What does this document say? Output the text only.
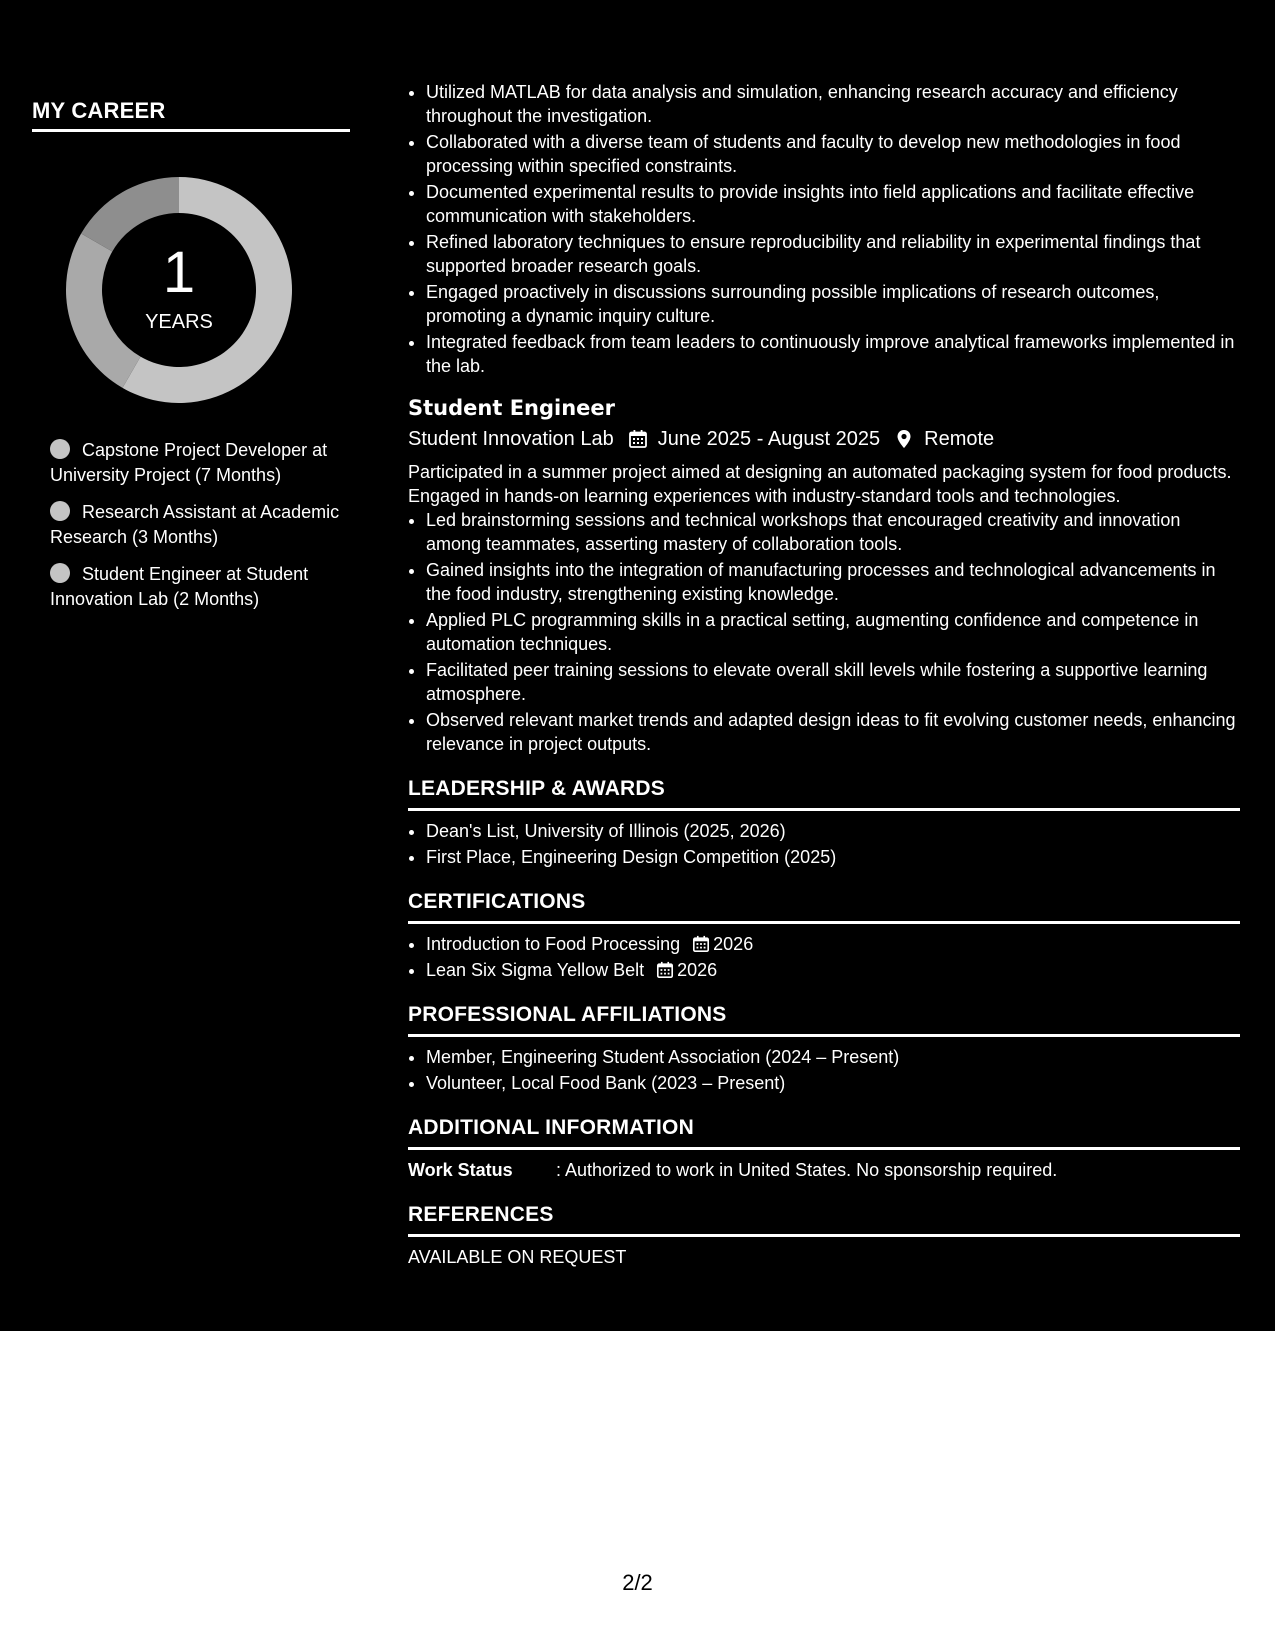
MY CAREER
1
YEARS
Capstone Project Developer at University Project (7 Months)
Research Assistant at Academic Research (3 Months)
Student Engineer at Student Innovation Lab (2 Months)
• Utilized MATLAB for data analysis and simulation, enhancing research accuracy and efficiency throughout the investigation.
• Collaborated with a diverse team of students and faculty to develop new methodologies in food processing within specified constraints.
• Documented experimental results to provide insights into field applications and facilitate effective communication with stakeholders.
• Refined laboratory techniques to ensure reproducibility and reliability in experimental findings that supported broader research goals.
• Engaged proactively in discussions surrounding possible implications of research outcomes, promoting a dynamic inquiry culture.
• Integrated feedback from team leaders to continuously improve analytical frameworks implemented in the lab.
Student Engineer
Student Innovation Lab June 2025 - August 2025 Remote
Participated in a summer project aimed at designing an automated packaging system for food products. Engaged in hands-on learning experiences with industry-standard tools and technologies.
• Led brainstorming sessions and technical workshops that encouraged creativity and innovation among teammates, asserting mastery of collaboration tools.
• Gained insights into the integration of manufacturing processes and technological advancements in the food industry, strengthening existing knowledge.
• Applied PLC programming skills in a practical setting, augmenting confidence and competence in automation techniques.
• Facilitated peer training sessions to elevate overall skill levels while fostering a supportive learning atmosphere.
• Observed relevant market trends and adapted design ideas to fit evolving customer needs, enhancing relevance in project outputs.
LEADERSHIP & AWARDS
• Dean's List, University of Illinois (2025, 2026)
• First Place, Engineering Design Competition (2025)
CERTIFICATIONS
• Introduction to Food Processing 2026
• Lean Six Sigma Yellow Belt 2026
PROFESSIONAL AFFILIATIONS
• Member, Engineering Student Association (2024 – Present)
• Volunteer, Local Food Bank (2023 – Present)
ADDITIONAL INFORMATION
Work Status	: Authorized to work in United States. No sponsorship required.
REFERENCES
AVAILABLE ON REQUEST
2/2
